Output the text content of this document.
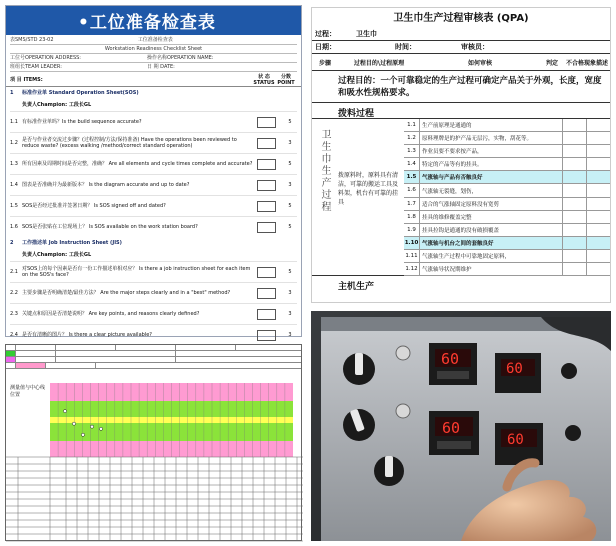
•工位准备检查表
表SMS/STD 23-02	工位准备检查表

Workstation Readiness Checklist Sheet
工位号OPERATION ADDRESS:	操作名称OPERATION NAME:
班组长TEAM LEADER:	日 期 DATE:
项 目 ITEMS:	状 态 STATUS
分数 POINT
1	标准作业单 Standard Operation Sheet(SOS)
负责人Champion: 工段长GL
1.1 有标准作业单吗？Is the build sequence accurate?	5
1.2 是否与作业者交流过步骤？(过程控制/方法/保持准备) Have the operations been reviewed to reduce waste? (excess walking /method/correct standard operation)	3
1.3 所有因素及周期时间是否完整，准确？ Are all elements and cycle times complete and accurate?	5
1.4 图表是否准确并为最新版本？ Is the diagram accurate and up to date?	3
1.5 SOS是否经过批准并签署日期？ Is SOS signed off and dated?	5
1.6 SOS是否张贴在工位现场上？ Is SOS available on the work station board?	5
2	工作描述单 Job Instruction Sheet (JIS)
负责人Champion: 工段长GL
2.1 对SOS上的每个因素是否有一份工作描述单相对应？ Is there a job instruction sheet for each item on the SOS's face?	5
2.2 主要步骤是否明确清楚/最佳方法？ Are the major steps clearly and in a "best" method?	3
2.3 关键点和原因是否清楚说明？ Are key points, and reasons clearly defined?	3
2.4 是否有清晰的图片？ Is there a clear picture available?	3
卫生巾生产过程审核表 (QPA)
过程：	卫生巾
日期：	时间：	审核员：
步骤	过程目的\过程原理	如何审核	判定	不合格现象描述
过程目的：一个可靠稳定的生产过程可确定产品关于外观，长度，宽度和吸水性规格要求。
拨料过程
卫生巾生产过程	拨原料时，原料具有清洁，可靠的搬运工具及料架，机台有可靠的挂具
1.1	生产前原理是通通的
1.2	原料理牌是的护产品无层污，实物，刮花等。
1.3	作业员要不要求按产品，
1.4	特定的产品等有的挂具。
1.5	气涨轴与产品有否触良好
1.6	气涨轴无裂缝，划伤，
1.7	适合的气涨轴固定原料没有宽剪
1.8	挂具的维修覆盖完整
1.9	挂具拉钩是通通的没有破损覆盖
1.10 气涨轴与机台之间的套触良好
1.11 气涨轴生产过程中可靠地固定原料，
1.12 气涨轴导状况期维护
主机生产
测量值与中心线位置
60
60
60
60
